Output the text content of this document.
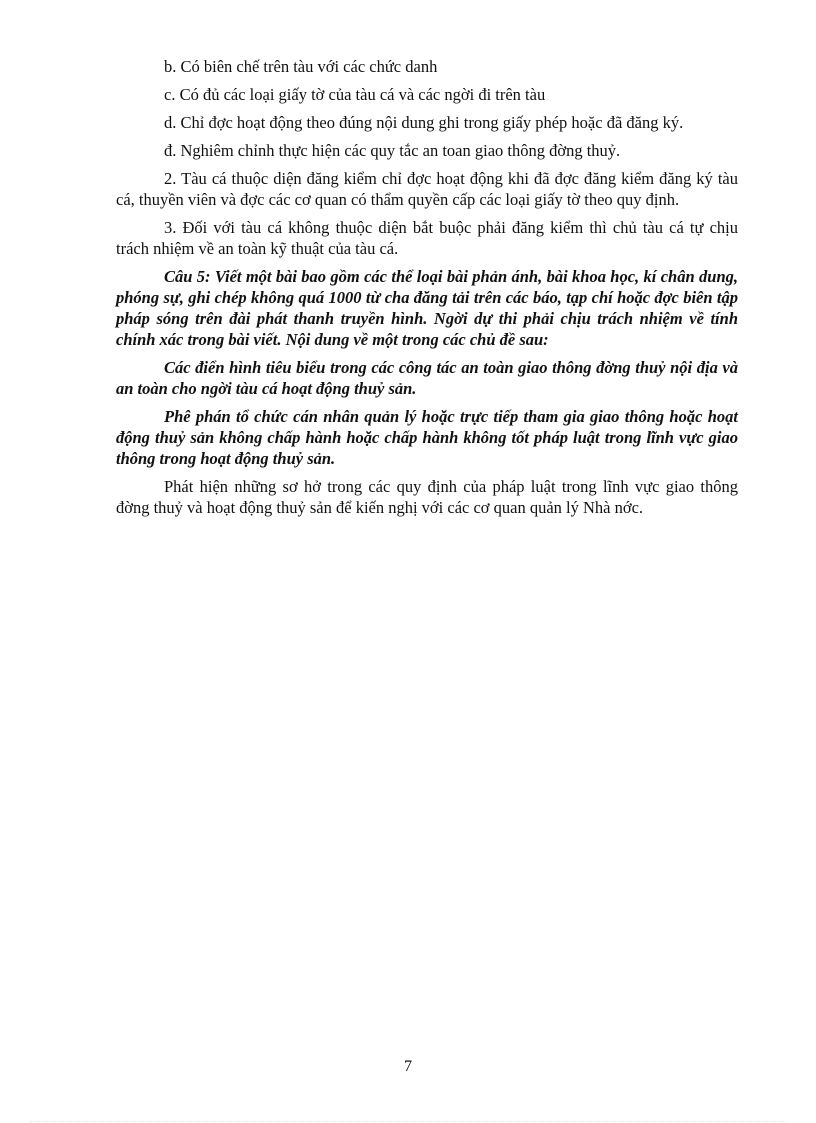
b. Có biên chế trên tàu với các chức danh

c. Có đủ các loại giấy tờ của tàu cá và các ngời đi trên tàu

d. Chỉ đợc hoạt động theo đúng nội dung ghi trong giấy phép hoặc đã đăng ký.

đ. Nghiêm chỉnh thực hiện các quy tắc an toan giao thông đờng thuỷ.

2. Tàu cá thuộc diện đăng kiểm chỉ đợc hoạt động khi đã đợc đăng kiểm đăng ký tàu cá, thuyền viên và đợc các cơ quan có thẩm quyền cấp các loại giấy tờ theo quy định.

3. Đối với tàu cá không thuộc diện bắt buộc phải đăng kiểm thì chủ tàu cá tự chịu trách nhiệm về an toàn kỹ thuật của tàu cá.

Câu 5: Viết một bài bao gồm các thể loại bài phản ánh, bài khoa học, kí chân dung, phóng sự, ghi chép không quá 1000 từ cha đăng tải trên các báo, tạp chí hoặc đợc biên tập pháp sóng trên đài phát thanh truyền hình. Ngời dự thi phải chịu trách nhiệm về tính chính xác trong bài viết. Nội dung về một trong các chủ đề sau:

Các điển hình tiêu biểu trong các công tác an toàn giao thông đờng thuỷ nội địa và an toàn cho ngời tàu cá hoạt động thuỷ sản.

Phê phán tổ chức cán nhân quản lý hoặc trực tiếp tham gia giao thông hoặc hoạt động thuỷ sản không chấp hành hoặc chấp hành không tốt pháp luật trong lĩnh vực giao thông trong hoạt động thuỷ sản.

Phát hiện những sơ hở trong các quy định của pháp luật trong lĩnh vực giao thông đờng thuỷ và hoạt động thuỷ sản để kiến nghị với các cơ quan quản lý Nhà nớc.

7
